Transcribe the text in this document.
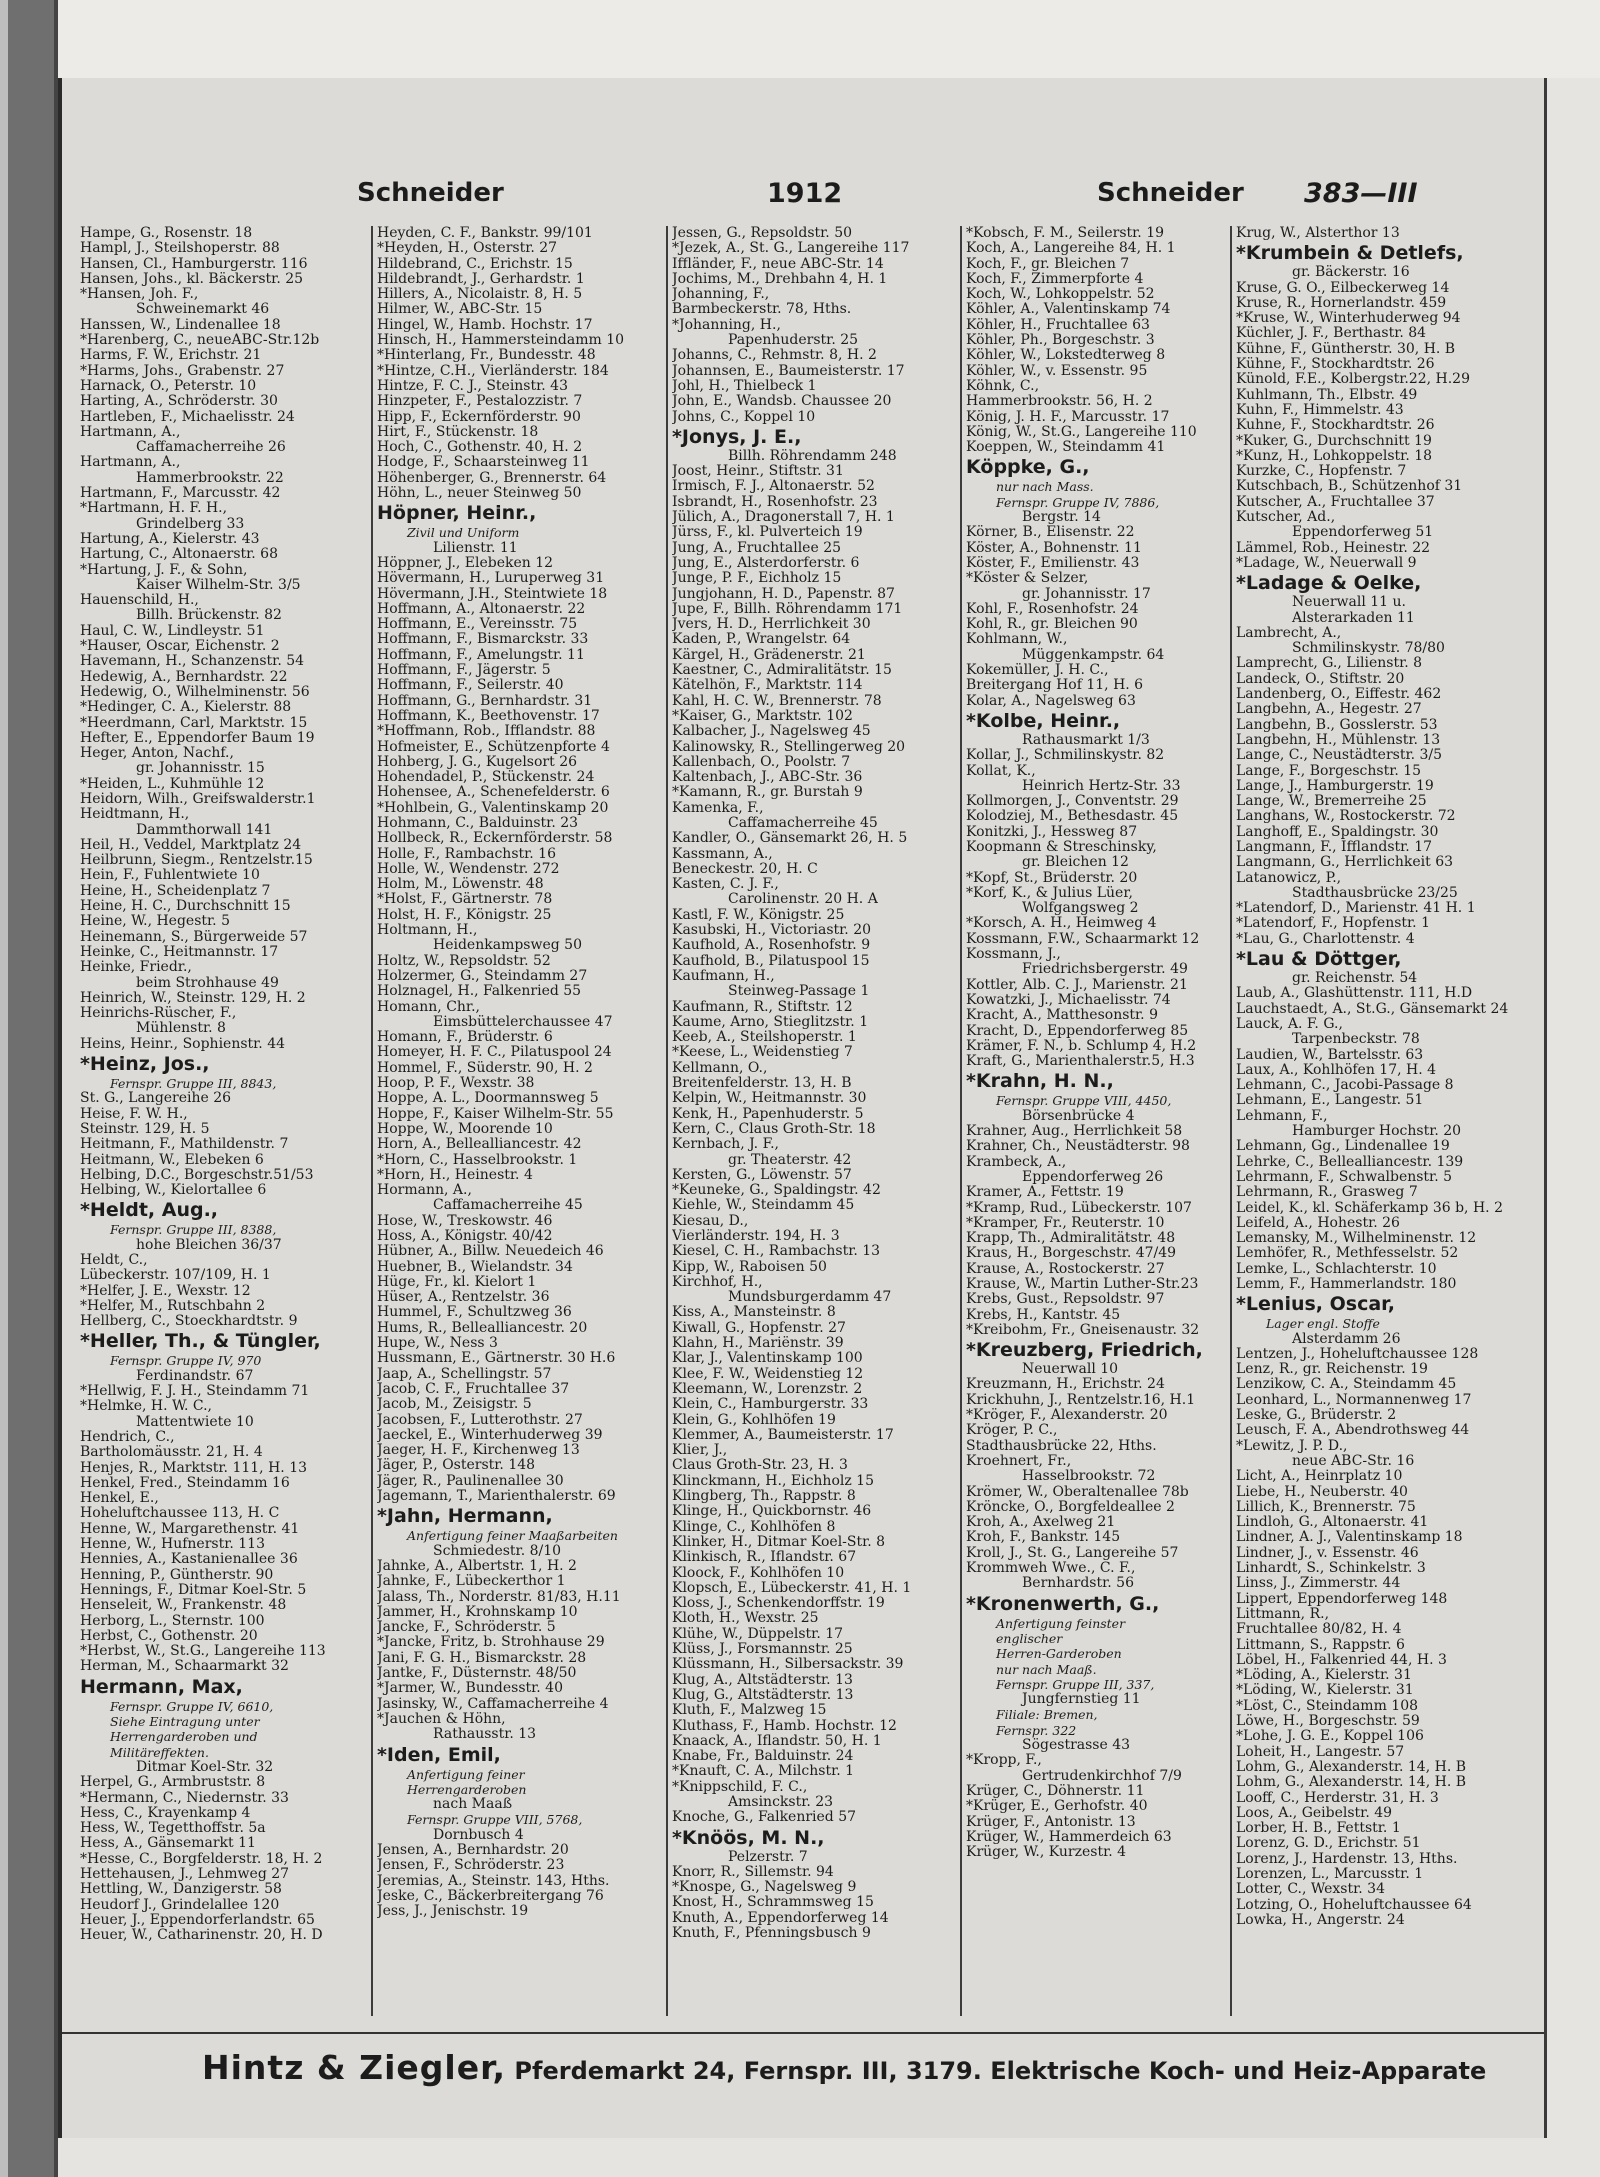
Schneider	1912	Schneider 383—III
Hampe, G., Rosenstr. 18
Hampl, J., Steilshoperstr. 88
Hansen, Cl., Hamburgerstr. 116
Hansen, Johs., kl. Bäckerstr. 25
*Hansen, Joh. F.,
Schweinemarkt 46
Hanssen, W., Lindenallee 18
*Harenberg, C., neueABC-Str.12b
Harms, F. W., Erichstr. 21
*Harms, Johs., Grabenstr. 27
Harnack, O., Peterstr. 10
Harting, A., Schröderstr. 30
Hartleben, F., Michaelisstr. 24
Hartmann, A.,
Caffamacherreihe 26
Hartmann, A.,
Hammerbrookstr. 22
Hartmann, F., Marcusstr. 42
*Hartmann, H. F. H.,
Grindelberg 33
Hartung, A., Kielerstr. 43
Hartung, C., Altonaerstr. 68
*Hartung, J. F., & Sohn,
Kaiser Wilhelm-Str. 3/5
Hauenschild, H.,
Billh. Brückenstr. 82
Haul, C. W., Lindleystr. 51
*Hauser, Oscar, Eichenstr. 2
Havemann, H., Schanzenstr. 54
Hedewig, A., Bernhardstr. 22
Hedewig, O., Wilhelminenstr. 56
*Hedinger, C. A., Kielerstr. 88
*Heerdmann, Carl, Marktstr. 15
Hefter, E., Eppendorfer Baum 19
Heger, Anton, Nachf.,
gr. Johannisstr. 15
*Heiden, L., Kuhmühle 12
Heidorn, Wilh., Greifswalderstr.1
Heidtmann, H.,
Dammthorwall 141
Heil, H., Veddel, Marktplatz 24
Heilbrunn, Siegm., Rentzelstr.15
Hein, F., Fuhlentwiete 10
Heine, H., Scheidenplatz 7
Heine, H. C., Durchschnitt 15
Heine, W., Hegestr. 5
Heinemann, S., Bürgerweide 57
Heinke, C., Heitmannstr. 17
Heinke, Friedr.,
beim Strohhause 49
Heinrich, W., Steinstr. 129, H. 2
Heinrichs-Rüscher, F.,
Mühlenstr. 8
Heins, Heinr., Sophienstr. 44
*Heinz, Jos.,
Fernspr. Gruppe III, 8843,
St. G., Langereihe 26
Heise, F. W. H.,
Steinstr. 129, H. 5
Heitmann, F., Mathildenstr. 7
Heitmann, W., Elebeken 6
Helbing, D.C., Borgeschstr.51/53
Helbing, W., Kielortallee 6
*Heldt, Aug.,
Fernspr. Gruppe III, 8388,
hohe Bleichen 36/37
Heldt, C.,
Lübeckerstr. 107/109, H. 1
*Helfer, J. E., Wexstr. 12
*Helfer, M., Rutschbahn 2
Hellberg, C., Stoeckhardtstr. 9
*Heller, Th., & Tüngler,
Fernspr. Gruppe IV, 970
Ferdinandstr. 67
*Hellwig, F. J. H., Steindamm 71
*Helmke, H. W. C.,
Mattentwiete 10
Hendrich, C.,
Bartholomäusstr. 21, H. 4
Henjes, R., Marktstr. 111, H. 13
Henkel, Fred., Steindamm 16
Henkel, E.,
Hoheluftchaussee 113, H. C
Henne, W., Margarethenstr. 41
Henne, W., Hufnerstr. 113
Hennies, A., Kastanienallee 36
Henning, P., Güntherstr. 90
Hennings, F., Ditmar Koel-Str. 5
Henseleit, W., Frankenstr. 48
Herborg, L., Sternstr. 100
Herbst, C., Gothenstr. 20
*Herbst, W., St.G., Langereihe 113
Herman, M., Schaarmarkt 32
Hermann, Max,
Fernspr. Gruppe IV, 6610,
Siehe Eintragung unter
Herrengarderoben und
Militäreffekten.
Ditmar Koel-Str. 32
Herpel, G., Armbruststr. 8
*Hermann, C., Niedernstr. 33
Hess, C., Krayenkamp 4
Hess, W., Tegetthoffstr. 5a
Hess, A., Gänsemarkt 11
*Hesse, C., Borgfelderstr. 18, H. 2
Hettehausen, J., Lehmweg 27
Hettling, W., Danzigerstr. 58
Heudorf J., Grindelallee 120
Heuer, J., Eppendorferlandstr. 65
Heuer, W., Catharinenstr. 20, H. D
Heyden, C. F., Bankstr. 99/101
*Heyden, H., Osterstr. 27
Hildebrand, C., Erichstr. 15
Hildebrandt, J., Gerhardstr. 1
Hillers, A., Nicolaistr. 8, H. 5
Hilmer, W., ABC-Str. 15
Hingel, W., Hamb. Hochstr. 17
Hinsch, H., Hammersteindamm 10
*Hinterlang, Fr., Bundesstr. 48
*Hintze, C.H., Vierländerstr. 184
Hintze, F. C. J., Steinstr. 43
Hinzpeter, F., Pestalozzistr. 7
Hipp, F., Eckernförderstr. 90
Hirt, F., Stückenstr. 18
Hoch, C., Gothenstr. 40, H. 2
Hodge, F., Schaarsteinweg 11
Höhenberger, G., Brennerstr. 64
Höhn, L., neuer Steinweg 50
Höpner, Heinr.,
Zivil und Uniform
Lilienstr. 11
Höppner, J., Elebeken 12
Hövermann, H., Luruperweg 31
Hövermann, J.H., Steintwiete 18
Hoffmann, A., Altonaerstr. 22
Hoffmann, E., Vereinsstr. 75
Hoffmann, F., Bismarckstr. 33
Hoffmann, F., Amelungstr. 11
Hoffmann, F., Jägerstr. 5
Hoffmann, F., Seilerstr. 40
Hoffmann, G., Bernhardstr. 31
Hoffmann, K., Beethovenstr. 17
*Hoffmann, Rob., Ifflandstr. 88
Hofmeister, E., Schützenpforte 4
Hohberg, J. G., Kugelsort 26
Hohendadel, P., Stückenstr. 24
Hohensee, A., Schenefelderstr. 6
*Hohlbein, G., Valentinskamp 20
Hohmann, C., Balduinstr. 23
Hollbeck, R., Eckernförderstr. 58
Holle, F., Rambachstr. 16
Holle, W., Wendenstr. 272
Holm, M., Löwenstr. 48
*Holst, F., Gärtnerstr. 78
Holst, H. F., Königstr. 25
Holtmann, H.,
Heidenkampsweg 50
Holtz, W., Repsoldstr. 52
Holzermer, G., Steindamm 27
Holznagel, H., Falkenried 55
Homann, Chr.,
Eimsbüttelerchaussee 47
Homann, F., Brüderstr. 6
Homeyer, H. F. C., Pilatuspool 24
Hommel, F., Süderstr. 90, H. 2
Hoop, P. F., Wexstr. 38
Hoppe, A. L., Doormannsweg 5
Hoppe, F., Kaiser Wilhelm-Str. 55
Hoppe, W., Moorende 10
Horn, A., Bellealliancestr. 42
*Horn, C., Hasselbrookstr. 1
*Horn, H., Heinestr. 4
Hormann, A.,
Caffamacherreihe 45
Hose, W., Treskowstr. 46
Hoss, A., Königstr. 40/42
Hübner, A., Billw. Neuedeich 46
Huebner, B., Wielandstr. 34
Hüge, Fr., kl. Kielort 1
Hüser, A., Rentzelstr. 36
Hummel, F., Schultzweg 36
Hums, R., Bellealliancestr. 20
Hupe, W., Ness 3
Hussmann, E., Gärtnerstr. 30 H.6
Jaap, A., Schellingstr. 57
Jacob, C. F., Fruchtallee 37
Jacob, M., Zeisigstr. 5
Jacobsen, F., Lutterothstr. 27
Jaeckel, E., Winterhuderweg 39
Jaeger, H. F., Kirchenweg 13
Jäger, P., Osterstr. 148
Jäger, R., Paulinenallee 30
Jagemann, T., Marienthalerstr. 69
*Jahn, Hermann,
Anfertigung feiner Maaßarbeiten
Schmiedestr. 8/10
Jahnke, A., Albertstr. 1, H. 2
Jahnke, F., Lübeckerthor 1
Jalass, Th., Norderstr. 81/83, H.11
Jammer, H., Krohnskamp 10
Jancke, F., Schröderstr. 5
*Jancke, Fritz, b. Strohhause 29
Jani, F. G. H., Bismarckstr. 28
Jantke, F., Düsternstr. 48/50
*Jarmer, W., Bundesstr. 40
Jasinsky, W., Caffamacherreihe 4
*Jauchen & Höhn,
Rathausstr. 13
*Iden, Emil,
Anfertigung feiner
Herrengarderoben
nach Maaß
Fernspr. Gruppe VIII, 5768,
Dornbusch 4
Jensen, A., Bernhardstr. 20
Jensen, F., Schröderstr. 23
Jeremias, A., Steinstr. 143, Hths.
Jeske, C., Bäckerbreitergang 76
Jess, J., Jenischstr. 19
Jessen, G., Repsoldstr. 50
*Jezek, A., St. G., Langereihe 117
Iffländer, F., neue ABC-Str. 14
Jochims, M., Drehbahn 4, H. 1
Johanning, F.,
Barmbeckerstr. 78, Hths.
*Johanning, H.,
Papenhuderstr. 25
Johanns, C., Rehmstr. 8, H. 2
Johannsen, E., Baumeisterstr. 17
Johl, H., Thielbeck 1
John, E., Wandsb. Chaussee 20
Johns, C., Koppel 10
*Jonys, J. E.,
Billh. Röhrendamm 248
Joost, Heinr., Stiftstr. 31
Irmisch, F. J., Altonaerstr. 52
Isbrandt, H., Rosenhofstr. 23
Jülich, A., Dragonerstall 7, H. 1
Jürss, F., kl. Pulverteich 19
Jung, A., Fruchtallee 25
Jung, E., Alsterdorferstr. 6
Junge, P. F., Eichholz 15
Jungjohann, H. D., Papenstr. 87
Jupe, F., Billh. Röhrendamm 171
Jvers, H. D., Herrlichkeit 30
Kaden, P., Wrangelstr. 64
Kärgel, H., Grädenerstr. 21
Kaestner, C., Admiralitätstr. 15
Kätelhön, F., Marktstr. 114
Kahl, H. C. W., Brennerstr. 78
*Kaiser, G., Marktstr. 102
Kalbacher, J., Nagelsweg 45
Kalinowsky, R., Stellingerweg 20
Kallenbach, O., Poolstr. 7
Kaltenbach, J., ABC-Str. 36
*Kamann, R., gr. Burstah 9
Kamenka, F.,
Caffamacherreihe 45
Kandler, O., Gänsemarkt 26, H. 5
Kassmann, A.,
Beneckestr. 20, H. C
Kasten, C. J. F.,
Carolinenstr. 20 H. A
Kastl, F. W., Königstr. 25
Kasubski, H., Victoriastr. 20
Kaufhold, A., Rosenhofstr. 9
Kaufhold, B., Pilatuspool 15
Kaufmann, H.,
Steinweg-Passage 1
Kaufmann, R., Stiftstr. 12
Kaume, Arno, Stieglitzstr. 1
Keeb, A., Steilshoperstr. 1
*Keese, L., Weidenstieg 7
Kellmann, O.,
Breitenfelderstr. 13, H. B
Kelpin, W., Heitmannstr. 30
Kenk, H., Papenhuderstr. 5
Kern, C., Claus Groth-Str. 18
Kernbach, J. F.,
gr. Theaterstr. 42
Kersten, G., Löwenstr. 57
*Keuneke, G., Spaldingstr. 42
Kiehle, W., Steindamm 45
Kiesau, D.,
Vierländerstr. 194, H. 3
Kiesel, C. H., Rambachstr. 13
Kipp, W., Raboisen 50
Kirchhof, H.,
Mundsburgerdamm 47
Kiss, A., Mansteinstr. 8
Kiwall, G., Hopfenstr. 27
Klahn, H., Mariënstr. 39
Klar, J., Valentinskamp 100
Klee, F. W., Weidenstieg 12
Kleemann, W., Lorenzstr. 2
Klein, C., Hamburgerstr. 33
Klein, G., Kohlhöfen 19
Klemmer, A., Baumeisterstr. 17
Klier, J.,
Claus Groth-Str. 23, H. 3
Klinckmann, H., Eichholz 15
Klingberg, Th., Rappstr. 8
Klinge, H., Quickbornstr. 46
Klinge, C., Kohlhöfen 8
Klinker, H., Ditmar Koel-Str. 8
Klinkisch, R., Iflandstr. 67
Kloock, F., Kohlhöfen 10
Klopsch, E., Lübeckerstr. 41, H. 1
Kloss, J., Schenkendorffstr. 19
Kloth, H., Wexstr. 25
Klühe, W., Düppelstr. 17
Klüss, J., Forsmannstr. 25
Klüssmann, H., Silbersackstr. 39
Klug, A., Altstädterstr. 13
Klug, G., Altstädterstr. 13
Kluth, F., Malzweg 15
Kluthass, F., Hamb. Hochstr. 12
Knaack, A., Iflandstr. 50, H. 1
Knabe, Fr., Balduinstr. 24
*Knauft, C. A., Milchstr. 1
*Knippschild, F. C.,
Amsinckstr. 23
Knoche, G., Falkenried 57
*Knöös, M. N.,
Pelzerstr. 7
Knorr, R., Sillemstr. 94
*Knospe, G., Nagelsweg 9
Knost, H., Schrammsweg 15
Knuth, A., Eppendorferweg 14
Knuth, F., Pfenningsbusch 9
*Kobsch, F. M., Seilerstr. 19
Koch, A., Langereihe 84, H. 1
Koch, F., gr. Bleichen 7
Koch, F., Zimmerpforte 4
Koch, W., Lohkoppelstr. 52
Köhler, A., Valentinskamp 74
Köhler, H., Fruchtallee 63
Köhler, Ph., Borgeschstr. 3
Köhler, W., Lokstedterweg 8
Köhler, W., v. Essenstr. 95
Köhnk, C.,
Hammerbrookstr. 56, H. 2
König, J. H. F., Marcusstr. 17
König, W., St.G., Langereihe 110
Koeppen, W., Steindamm 41
Köppke, G.,
nur nach Mass.
Fernspr. Gruppe IV, 7886,
Bergstr. 14
Körner, B., Elisenstr. 22
Köster, A., Bohnenstr. 11
Köster, F., Emilienstr. 43
*Köster & Selzer,
gr. Johannisstr. 17
Kohl, F., Rosenhofstr. 24
Kohl, R., gr. Bleichen 90
Kohlmann, W.,
Müggenkampstr. 64
Kokemüller, J. H. C.,
Breitergang Hof 11, H. 6
Kolar, A., Nagelsweg 63
*Kolbe, Heinr.,
Rathausmarkt 1/3
Kollar, J., Schmilinskystr. 82
Kollat, K.,
Heinrich Hertz-Str. 33
Kollmorgen, J., Conventstr. 29
Kolodziej, M., Bethesdastr. 45
Konitzki, J., Hessweg 87
Koopmann & Streschinsky,
gr. Bleichen 12
*Kopf, St., Brüderstr. 20
*Korf, K., & Julius Lüer,
Wolfgangsweg 2
*Korsch, A. H., Heimweg 4
Kossmann, F.W., Schaarmarkt 12
Kossmann, J.,
Friedrichsbergerstr. 49
Kottler, Alb. C. J., Marienstr. 21
Kowatzki, J., Michaelisstr. 74
Kracht, A., Matthesonstr. 9
Kracht, D., Eppendorferweg 85
Krämer, F. N., b. Schlump 4, H.2
Kraft, G., Marienthalerstr.5, H.3
*Krahn, H. N.,
Fernspr. Gruppe VIII, 4450,
Börsenbrücke 4
Krahner, Aug., Herrlichkeit 58
Krahner, Ch., Neustädterstr. 98
Krambeck, A.,
Eppendorferweg 26
Kramer, A., Fettstr. 19
*Kramp, Rud., Lübeckerstr. 107
*Kramper, Fr., Reuterstr. 10
Krapp, Th., Admiralitätstr. 48
Kraus, H., Borgeschstr. 47/49
Krause, A., Rostockerstr. 27
Krause, W., Martin Luther-Str.23
Krebs, Gust., Repsoldstr. 97
Krebs, H., Kantstr. 45
*Kreibohm, Fr., Gneisenaustr. 32
*Kreuzberg, Friedrich,
Neuerwall 10
Kreuzmann, H., Erichstr. 24
Krickhuhn, J., Rentzelstr.16, H.1
*Kröger, F., Alexanderstr. 20
Kröger, P. C.,
Stadthausbrücke 22, Hths.
Kroehnert, Fr.,
Hasselbrookstr. 72
Krömer, W., Oberaltenallee 78b
Kröncke, O., Borgfeldeallee 2
Kroh, A., Axelweg 21
Kroh, F., Bankstr. 145
Kroll, J., St. G., Langereihe 57
Krommweh Wwe., C. F.,
Bernhardstr. 56
*Kronenwerth, G.,
Anfertigung feinster
englischer
Herren-Garderoben
nur nach Maaß.
Fernspr. Gruppe III, 337,
Jungfernstieg 11
Filiale: Bremen,
Fernspr. 322
Sögestrasse 43
*Kropp, F.,
Gertrudenkirchhof 7/9
Krüger, C., Döhnerstr. 11
*Krüger, E., Gerhofstr. 40
Krüger, F., Antonistr. 13
Krüger, W., Hammerdeich 63
Krüger, W., Kurzestr. 4
Krug, W., Alsterthor 13
*Krumbein & Detlefs,
gr. Bäckerstr. 16
Kruse, G. O., Eilbeckerweg 14
Kruse, R., Hornerlandstr. 459
*Kruse, W., Winterhuderweg 94
Küchler, J. F., Berthastr. 84
Kühne, F., Güntherstr. 30, H. B
Kühne, F., Stockhardtstr. 26
Künold, F.E., Kolbergstr.22, H.29
Kuhlmann, Th., Elbstr. 49
Kuhn, F., Himmelstr. 43
Kuhne, F., Stockhardtstr. 26
*Kuker, G., Durchschnitt 19
*Kunz, H., Lohkoppelstr. 18
Kurzke, C., Hopfenstr. 7
Kutschbach, B., Schützenhof 31
Kutscher, A., Fruchtallee 37
Kutscher, Ad.,
Eppendorferweg 51
Lämmel, Rob., Heinestr. 22
*Ladage, W., Neuerwall 9
*Ladage & Oelke,
Neuerwall 11 u.
Alsterarkaden 11
Lambrecht, A.,
Schmilinskystr. 78/80
Lamprecht, G., Lilienstr. 8
Landeck, O., Stiftstr. 20
Landenberg, O., Eiffestr. 462
Langbehn, A., Hegestr. 27
Langbehn, B., Gosslerstr. 53
Langbehn, H., Mühlenstr. 13
Lange, C., Neustädterstr. 3/5
Lange, F., Borgeschstr. 15
Lange, J., Hamburgerstr. 19
Lange, W., Bremerreihe 25
Langhans, W., Rostockerstr. 72
Langhoff, E., Spaldingstr. 30
Langmann, F., Ifflandstr. 17
Langmann, G., Herrlichkeit 63
Latanowicz, P.,
Stadthausbrücke 23/25
*Latendorf, D., Marienstr. 41 H. 1
*Latendorf, F., Hopfenstr. 1
*Lau, G., Charlottenstr. 4
*Lau & Döttger,
gr. Reichenstr. 54
Laub, A., Glashüttenstr. 111, H.D
Lauchstaedt, A., St.G., Gänsemarkt 24
Lauck, A. F. G.,
Tarpenbeckstr. 78
Laudien, W., Bartelsstr. 63
Laux, A., Kohlhöfen 17, H. 4
Lehmann, C., Jacobi-Passage 8
Lehmann, E., Langestr. 51
Lehmann, F.,
Hamburger Hochstr. 20
Lehmann, Gg., Lindenallee 19
Lehrke, C., Bellealliancestr. 139
Lehrmann, F., Schwalbenstr. 5
Lehrmann, R., Grasweg 7
Leidel, K., kl. Schäferkamp 36 b, H. 2
Leifeld, A., Hohestr. 26
Lemansky, M., Wilhelminenstr. 12
Lemhöfer, R., Methfesselstr. 52
Lemke, L., Schlachterstr. 10
Lemm, F., Hammerlandstr. 180
*Lenius, Oscar,
Lager engl. Stoffe
Alsterdamm 26
Lentzen, J., Hoheluftchaussee 128
Lenz, R., gr. Reichenstr. 19
Lenzikow, C. A., Steindamm 45
Leonhard, L., Normannenweg 17
Leske, G., Brüderstr. 2
Leusch, F. A., Abendrothsweg 44
*Lewitz, J. P. D.,
neue ABC-Str. 16
Licht, A., Heinrplatz 10
Liebe, H., Neuberstr. 40
Lillich, K., Brennerstr. 75
Lindloh, G., Altonaerstr. 41
Lindner, A. J., Valentinskamp 18
Lindner, J., v. Essenstr. 46
Linhardt, S., Schinkelstr. 3
Linss, J., Zimmerstr. 44
Lippert, Eppendorferweg 148
Littmann, R.,
Fruchtallee 80/82, H. 4
Littmann, S., Rappstr. 6
Löbel, H., Falkenried 44, H. 3
*Löding, A., Kielerstr. 31
*Löding, W., Kielerstr. 31
*Löst, C., Steindamm 108
Löwe, H., Borgeschstr. 59
*Lohe, J. G. E., Koppel 106
Loheit, H., Langestr. 57
Lohm, G., Alexanderstr. 14, H. B
Lohm, G., Alexanderstr. 14, H. B
Looff, C., Herderstr. 31, H. 3
Loos, A., Geibelstr. 49
Lorber, H. B., Fettstr. 1
Lorenz, G. D., Erichstr. 51
Lorenz, J., Hardenstr. 13, Hths.
Lorenzen, L., Marcusstr. 1
Lotter, C., Wexstr. 34
Lotzing, O., Hoheluftchaussee 64
Lowka, H., Angerstr. 24
Hintz & Ziegler, Pferdemarkt 24, Fernspr. III, 3179. Elektrische Koch- und Heiz-Apparate
